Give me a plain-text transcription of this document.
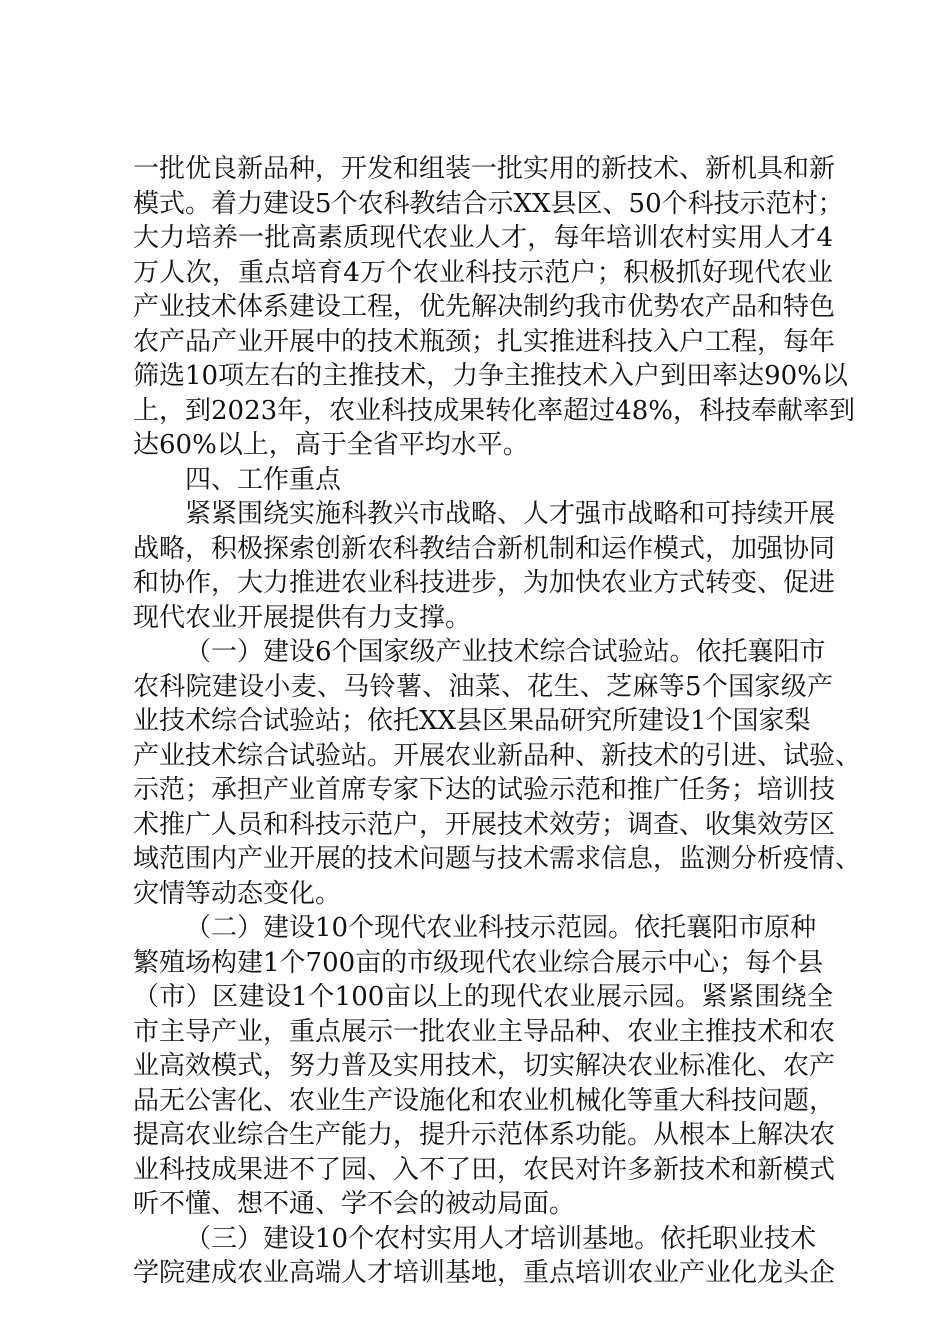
一批优良新品种，开发和组装一批实用的新技术、新机具和新
模式。着力建设5个农科教结合示XX县区、50个科技示范村；
大力培养一批高素质现代农业人才，每年培训农村实用人才4
万人次，重点培育4万个农业科技示范户；积极抓好现代农业
产业技术体系建设工程，优先解决制约我市优势农产品和特色
农产品产业开展中的技术瓶颈；扎实推进科技入户工程，每年
筛选10项左右的主推技术，力争主推技术入户到田率达90%以
上，到2023年，农业科技成果转化率超过48%，科技奉献率到
达60%以上，高于全省平均水平。
四、工作重点
紧紧围绕实施科教兴市战略、人才强市战略和可持续开展
战略，积极探索创新农科教结合新机制和运作模式，加强协同
和协作，大力推进农业科技进步，为加快农业方式转变、促进
现代农业开展提供有力支撑。
（一）建设6个国家级产业技术综合试验站。依托襄阳市
农科院建设小麦、马铃薯、油菜、花生、芝麻等5个国家级产
业技术综合试验站；依托XX县区果品研究所建设1个国家梨
产业技术综合试验站。开展农业新品种、新技术的引进、试验、
示范；承担产业首席专家下达的试验示范和推广任务；培训技
术推广人员和科技示范户，开展技术效劳；调查、收集效劳区
域范围内产业开展的技术问题与技术需求信息，监测分析疫情、
灾情等动态变化。
（二）建设10个现代农业科技示范园。依托襄阳市原种
繁殖场构建1个700亩的市级现代农业综合展示中心；每个县
（市）区建设1个100亩以上的现代农业展示园。紧紧围绕全
市主导产业，重点展示一批农业主导品种、农业主推技术和农
业高效模式，努力普及实用技术，切实解决农业标准化、农产
品无公害化、农业生产设施化和农业机械化等重大科技问题，
提高农业综合生产能力，提升示范体系功能。从根本上解决农
业科技成果进不了园、入不了田，农民对许多新技术和新模式
听不懂、想不通、学不会的被动局面。
（三）建设10个农村实用人才培训基地。依托职业技术
学院建成农业高端人才培训基地，重点培训农业产业化龙头企
